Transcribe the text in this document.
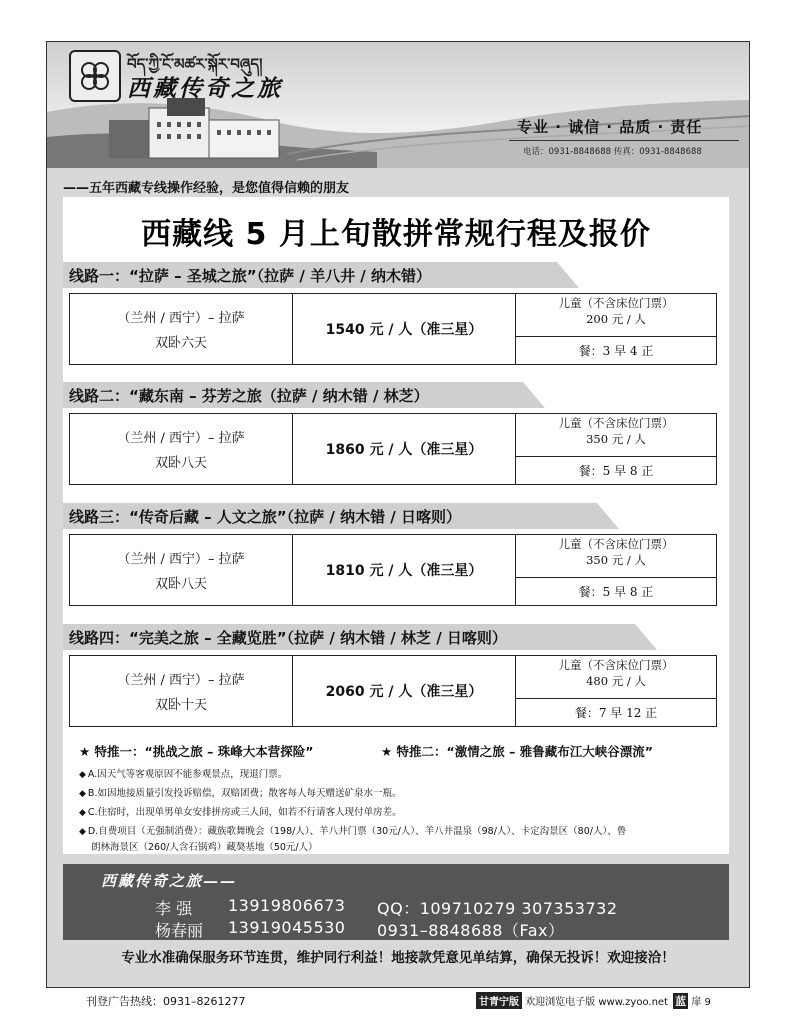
བོད་ཀྱི་ངོ་མཚར་སྐོར་བཞུད།
西藏传奇之旅
专业 · 诚信 · 品质 · 责任
电话：0931-8848688 传真：0931-8848688
——五年西藏专线操作经验，是您值得信赖的朋友
西藏线 5 月上旬散拼常规行程及报价
线路一：“拉萨 – 圣城之旅”（拉萨 / 羊八井 / 纳木错）
（兰州 / 西宁）– 拉萨
双卧六天
1540 元 / 人（准三星）
儿童（不含床位门票）
200 元 / 人
餐：3 早 4 正
线路二：“藏东南 – 芬芳之旅（拉萨 / 纳木错 / 林芝）
（兰州 / 西宁）– 拉萨
双卧八天
1860 元 / 人（准三星）
儿童（不含床位门票）
350 元 / 人
餐：5 早 8 正
线路三：“传奇后藏 – 人文之旅”（拉萨 / 纳木错 / 日喀则）
（兰州 / 西宁）– 拉萨
双卧八天
1810 元 / 人（准三星）
儿童（不含床位门票）
350 元 / 人
餐：5 早 8 正
线路四：“完美之旅 – 全藏览胜”（拉萨 / 纳木错 / 林芝 / 日喀则）
（兰州 / 西宁）– 拉萨
双卧十天
2060 元 / 人（准三星）
儿童（不含床位门票）
480 元 / 人
餐：7 早 12 正
★ 特推一：“挑战之旅 – 珠峰大本营探险”	★ 特推二：“激情之旅 – 雅鲁藏布江大峡谷漂流”
◆ A.因天气等客观原因不能参观景点，现退门票。
◆ B.如因地接质量引发投诉赔偿，双赔团费；散客每人每天赠送矿泉水一瓶。
◆ C.住宿时，出现单男单女安排拼房或三人间，如若不行请客人现付单房差。
◆ D.自费项目（无强制消费）：藏族歌舞晚会（198/人）、羊八井门票（30元/人）、羊八井温泉（98/人）、卡定沟景区（80/人）、鲁
朗林海景区（260/人含石锅鸡）藏獒基地（50元/人）
西藏传奇之旅——
李 强 13919806673 QQ：109710279 307353732
杨春丽 13919045530 0931–8848688（Fax）
专业水准确保服务环节连贯，维护同行利益！地接款凭意见单结算，确保无投诉！欢迎接洽！
刊登广告热线：0931–8261277	甘青宁版 欢迎浏览电子版 www.zyoo.net 蓝 扉 9
